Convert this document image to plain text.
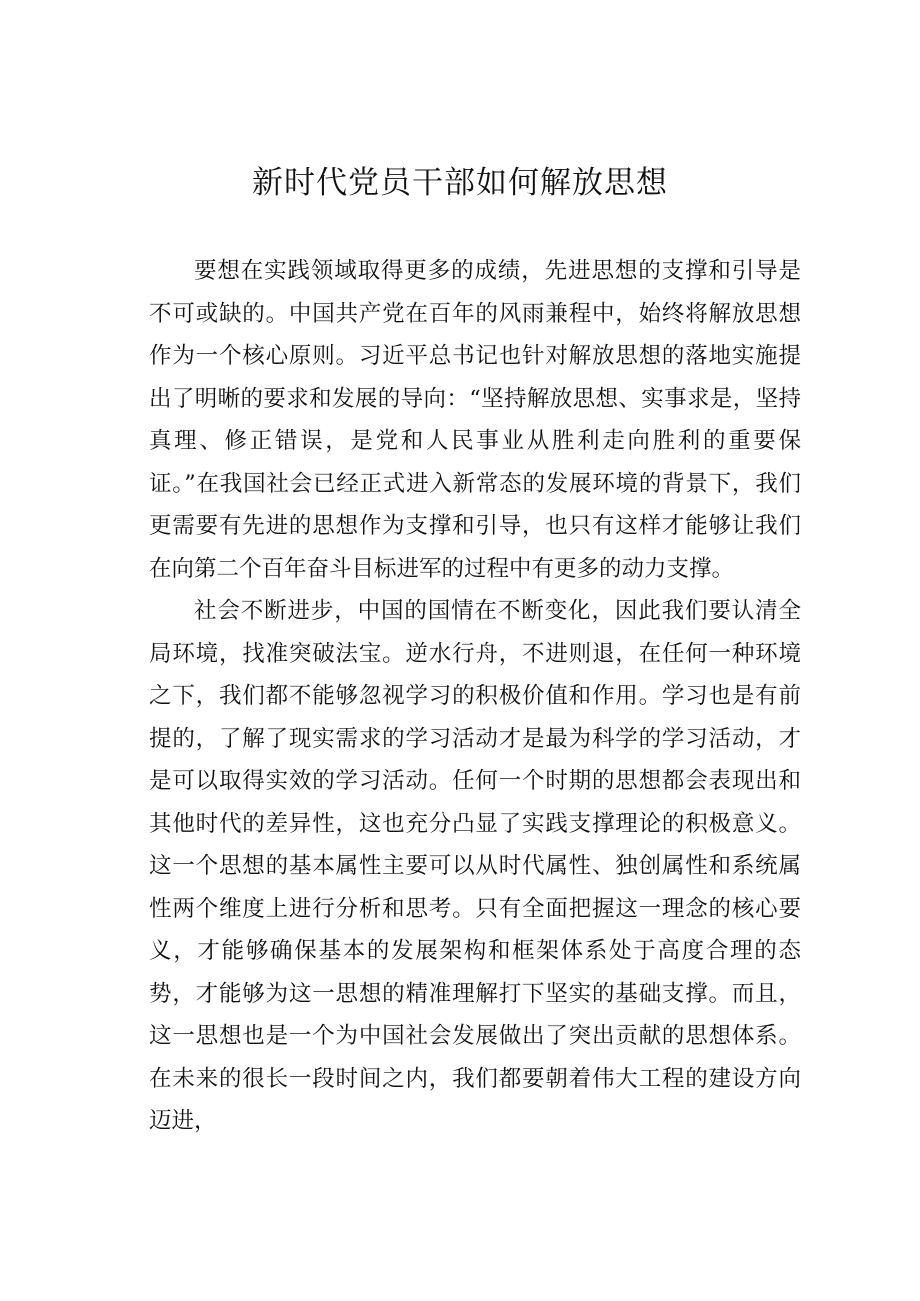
新时代党员干部如何解放思想

要想在实践领域取得更多的成绩，先进思想的支撑和引导是不可或缺的。中国共产党在百年的风雨兼程中，始终将解放思想作为一个核心原则。习近平总书记也针对解放思想的落地实施提出了明晰的要求和发展的导向：“坚持解放思想、实事求是，坚持真理、修正错误，是党和人民事业从胜利走向胜利的重要保证。”在我国社会已经正式进入新常态的发展环境的背景下，我们更需要有先进的思想作为支撑和引导，也只有这样才能够让我们在向第二个百年奋斗目标进军的过程中有更多的动力支撑。

社会不断进步，中国的国情在不断变化，因此我们要认清全局环境，找准突破法宝。逆水行舟，不进则退，在任何一种环境之下，我们都不能够忽视学习的积极价值和作用。学习也是有前提的，了解了现实需求的学习活动才是最为科学的学习活动，才是可以取得实效的学习活动。任何一个时期的思想都会表现出和其他时代的差异性，这也充分凸显了实践支撑理论的积极意义。这一个思想的基本属性主要可以从时代属性、独创属性和系统属性两个维度上进行分析和思考。只有全面把握这一理念的核心要义，才能够确保基本的发展架构和框架体系处于高度合理的态势，才能够为这一思想的精准理解打下坚实的基础支撑。而且，这一思想也是一个为中国社会发展做出了突出贡献的思想体系。在未来的很长一段时间之内，我们都要朝着伟大工程的建设方向迈进，
